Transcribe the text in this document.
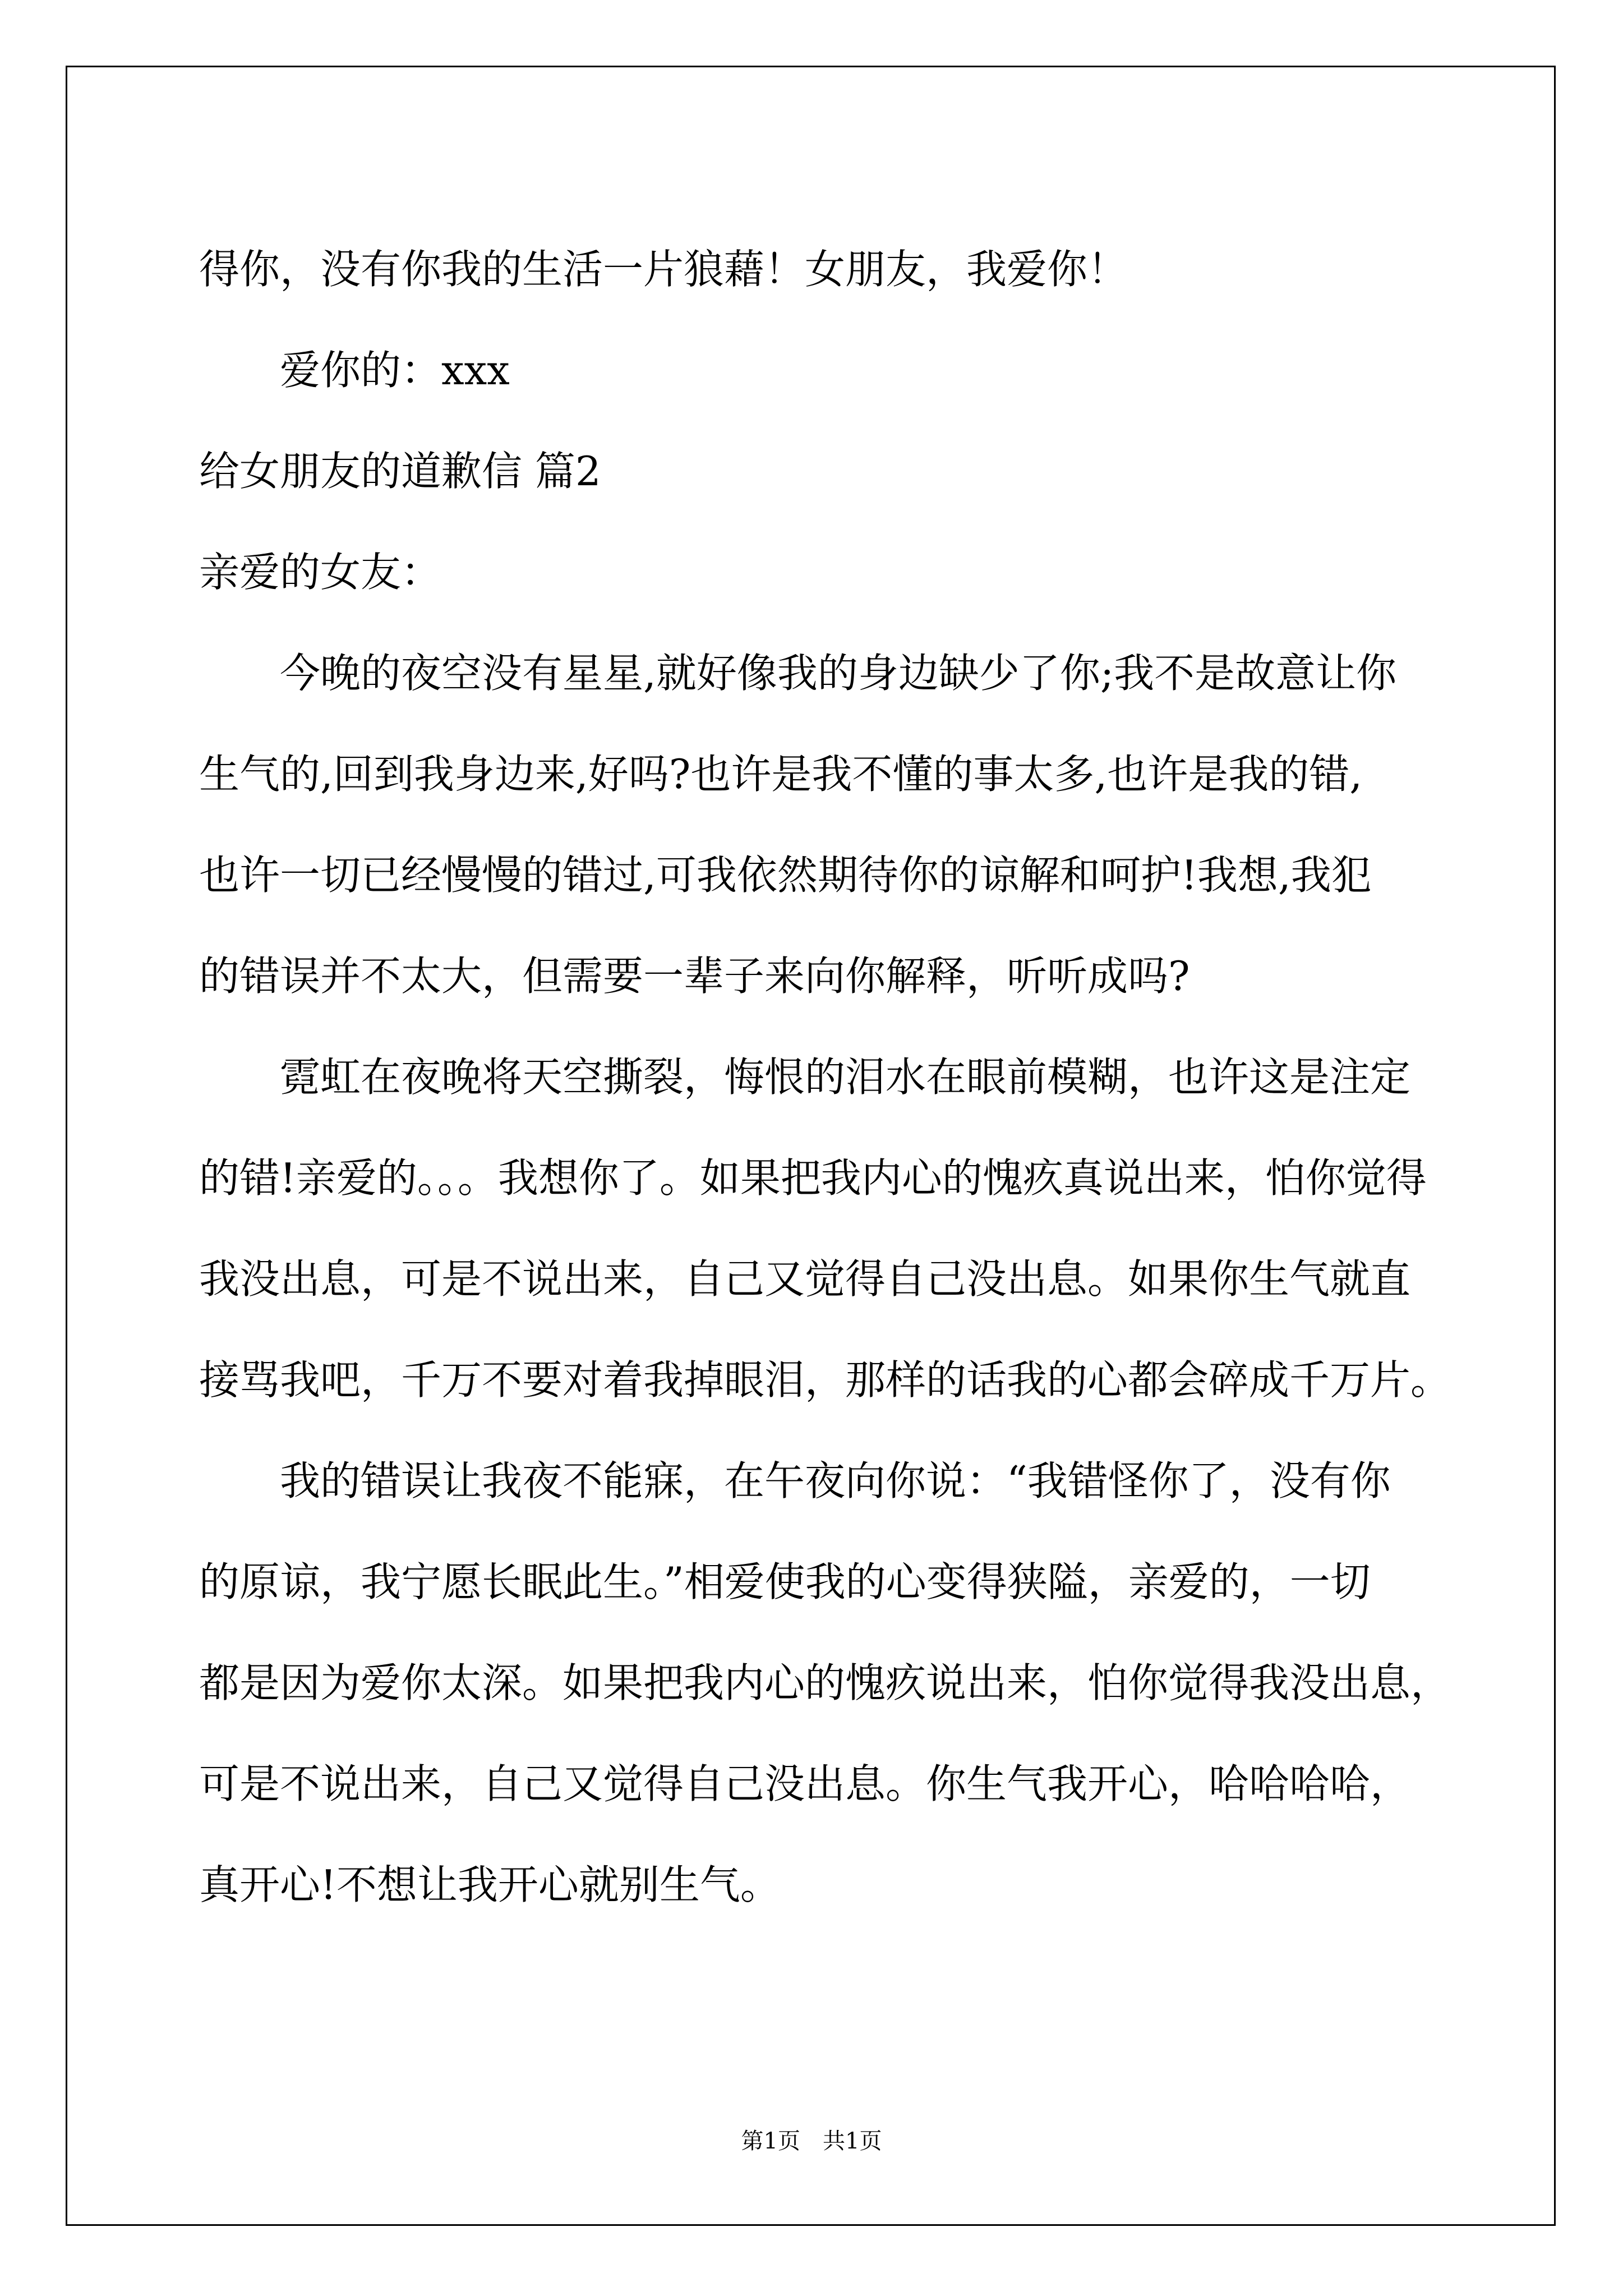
得你，没有你我的生活一片狼藉！女朋友，我爱你！

爱你的：xxx

给女朋友的道歉信 篇2

亲爱的女友：

今晚的夜空没有星星,就好像我的身边缺少了你;我不是故意让你

生气的,回到我身边来,好吗?也许是我不懂的事太多,也许是我的错,

也许一切已经慢慢的错过,可我依然期待你的谅解和呵护!我想,我犯

的错误并不太大，但需要一辈子来向你解释，听听成吗?

霓虹在夜晚将天空撕裂，悔恨的泪水在眼前模糊，也许这是注定

的错!亲爱的。。。我想你了。如果把我内心的愧疚真说出来，怕你觉得

我没出息，可是不说出来，自己又觉得自己没出息。如果你生气就直

接骂我吧，千万不要对着我掉眼泪，那样的话我的心都会碎成千万片。

我的错误让我夜不能寐，在午夜向你说：“我错怪你了，没有你

的原谅，我宁愿长眠此生。”相爱使我的心变得狭隘，亲爱的，一切

都是因为爱你太深。如果把我内心的愧疚说出来，怕你觉得我没出息，

可是不说出来，自己又觉得自己没出息。你生气我开心，哈哈哈哈，

真开心!不想让我开心就别生气。

第1页　共1页
